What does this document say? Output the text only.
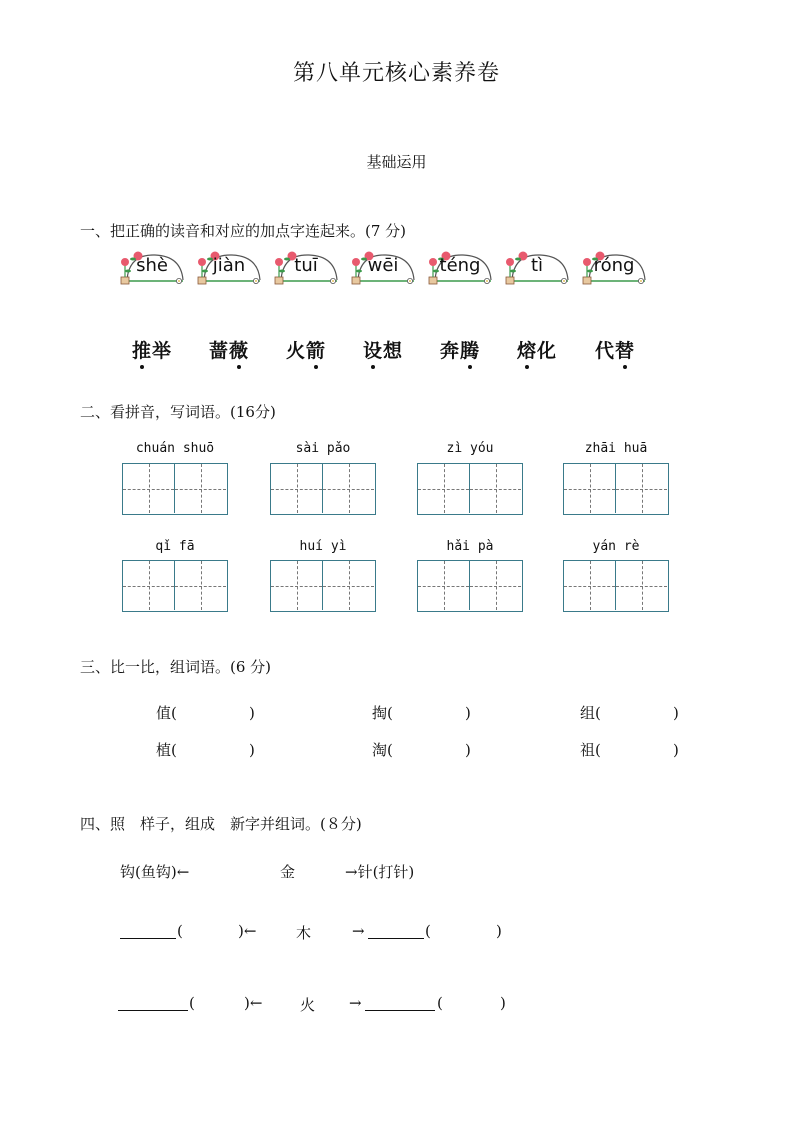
第八单元核心素养卷
基础运用
一、把正确的读音和对应的加点字连起来。(7 分)
shè	jiàn	tuī	wēi	téng	tì	róng
推举 蔷薇 火箭 设想 奔腾 熔化 代替
二、看拼音，写词语。(16分)
chuán shuō	sài pǎo	zì yóu	zhāi huā
qǐ fā	huí yì	hǎi pà	yán rè
三、比一比，组词语。(6 分)
值(	)	掏(	)	组(	)
植(	)	淘(	)	祖(	)
四、照　样子，组成　新字并组词。(８分)
钩(鱼钩)←	金	→针(打针)
(	)←	木	→	(	)
(	)←	火 →	(	)
